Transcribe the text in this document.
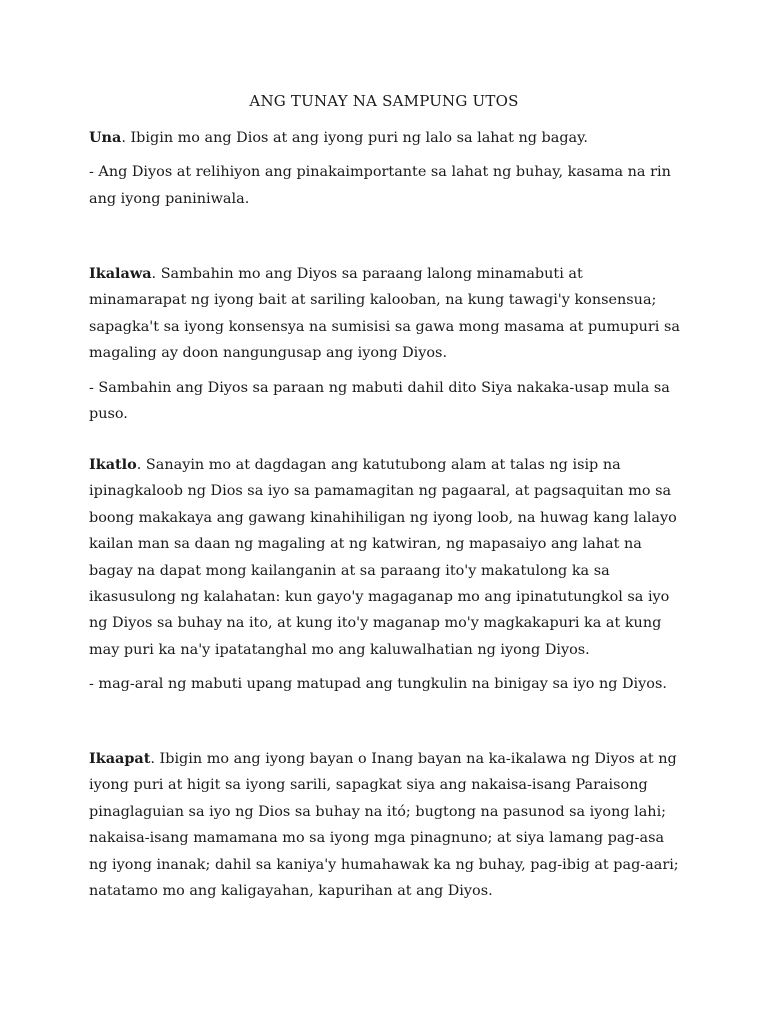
ANG TUNAY NA SAMPUNG UTOS

Una. Ibigin mo ang Dios at ang iyong puri ng lalo sa lahat ng bagay.

- Ang Diyos at relihiyon ang pinakaimportante sa lahat ng buhay, kasama na rin ang iyong paniniwala.

Ikalawa. Sambahin mo ang Diyos sa paraang lalong minamabuti at minamarapat ng iyong bait at sariling kalooban, na kung tawagi'y konsensua; sapagka't sa iyong konsensya na sumisisi sa gawa mong masama at pumupuri sa magaling ay doon nangungusap ang iyong Diyos.

- Sambahin ang Diyos sa paraan ng mabuti dahil dito Siya nakaka-usap mula sa puso.

Ikatlo. Sanayin mo at dagdagan ang katutubong alam at talas ng isip na ipinagkaloob ng Dios sa iyo sa pamamagitan ng pagaaral, at pagsaquitan mo sa boong makakaya ang gawang kinahihiligan ng iyong loob, na huwag kang lalayo kailan man sa daan ng magaling at ng katwiran, ng mapasaiyo ang lahat na bagay na dapat mong kailanganin at sa paraang ito'y makatulong ka sa ikasusulong ng kalahatan: kun gayo'y magaganap mo ang ipinatutungkol sa iyo ng Diyos sa buhay na ito, at kung ito'y maganap mo'y magkakapuri ka at kung may puri ka na'y ipatatanghal mo ang kaluwalhatian ng iyong Diyos.

- mag-aral ng mabuti upang matupad ang tungkulin na binigay sa iyo ng Diyos.

Ikaapat. Ibigin mo ang iyong bayan o Inang bayan na ka-ikalawa ng Diyos at ng iyong puri at higit sa iyong sarili, sapagkat siya ang nakaisa-isang Paraisong pinaglaguian sa iyo ng Dios sa buhay na itó; bugtong na pasunod sa iyong lahi; nakaisa-isang mamamana mo sa iyong mga pinagnuno; at siya lamang pag-asa ng iyong inanak; dahil sa kaniya'y humahawak ka ng buhay, pag-ibig at pag-aari; natatamo mo ang kaligayahan, kapurihan at ang Diyos.
